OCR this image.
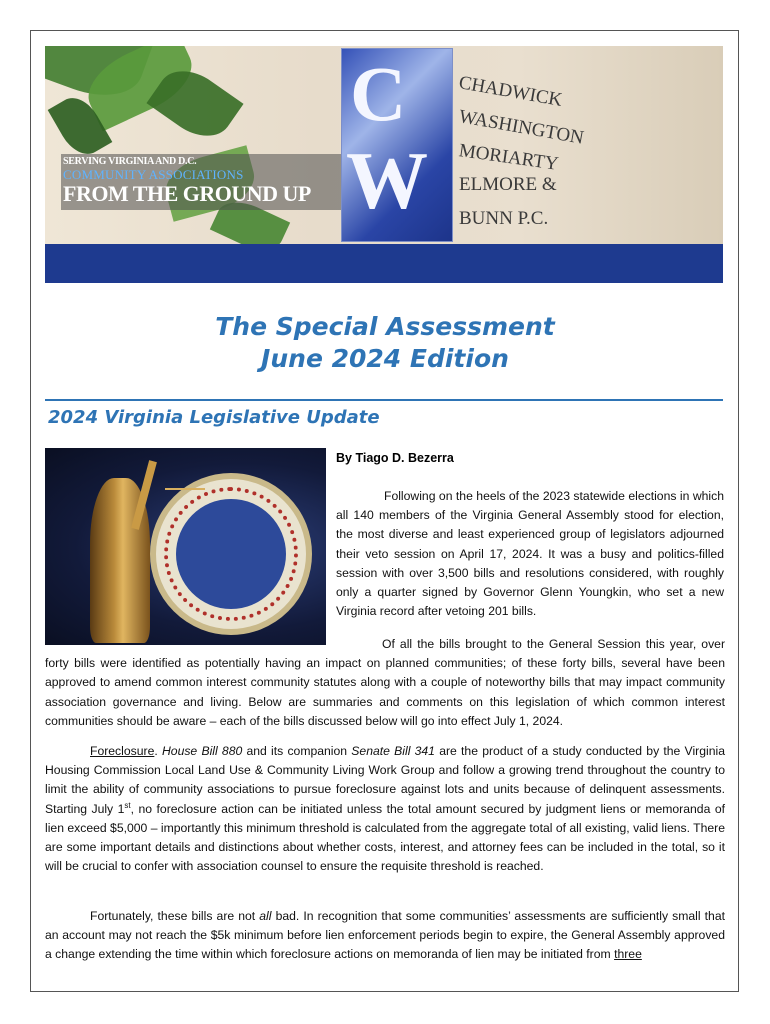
SERVING VIRGINIA AND D.C.
COMMUNITY ASSOCIATIONS
FROM THE GROUND UP
C
W
CHADWICK
WASHINGTON
MORIARTY
ELMORE &
BUNN P.C.
The Special Assessment
June 2024 Edition
2024 Virginia Legislative Update
By Tiago D. Bezerra
Following on the heels of the 2023 statewide elections in which all 140 members of the Virginia General Assembly stood for election, the most diverse and least experienced group of legislators adjourned their veto session on April 17, 2024. It was a busy and politics-filled session with over 3,500 bills and resolutions considered, with roughly only a quarter signed by Governor Glenn Youngkin, who set a new Virginia record after vetoing 201 bills.
Of all the bills brought to the General Session this year, over forty bills were identified as potentially having an impact on planned communities; of these forty bills, several have been approved to amend common interest community statutes along with a couple of noteworthy bills that may impact community association governance and living. Below are summaries and comments on this legislation of which common interest communities should be aware – each of the bills discussed below will go into effect July 1, 2024.
Foreclosure. House Bill 880 and its companion Senate Bill 341 are the product of a study conducted by the Virginia Housing Commission Local Land Use & Community Living Work Group and follow a growing trend throughout the country to limit the ability of community associations to pursue foreclosure against lots and units because of delinquent assessments. Starting July 1st, no foreclosure action can be initiated unless the total amount secured by judgment liens or memoranda of lien exceed $5,000 – importantly this minimum threshold is calculated from the aggregate total of all existing, valid liens. There are some important details and distinctions about whether costs, interest, and attorney fees can be included in the total, so it will be crucial to confer with association counsel to ensure the requisite threshold is reached.
Fortunately, these bills are not all bad. In recognition that some communities’ assessments are sufficiently small that an account may not reach the $5k minimum before lien enforcement periods begin to expire, the General Assembly approved a change extending the time within which foreclosure actions on memoranda of lien may be initiated from three
